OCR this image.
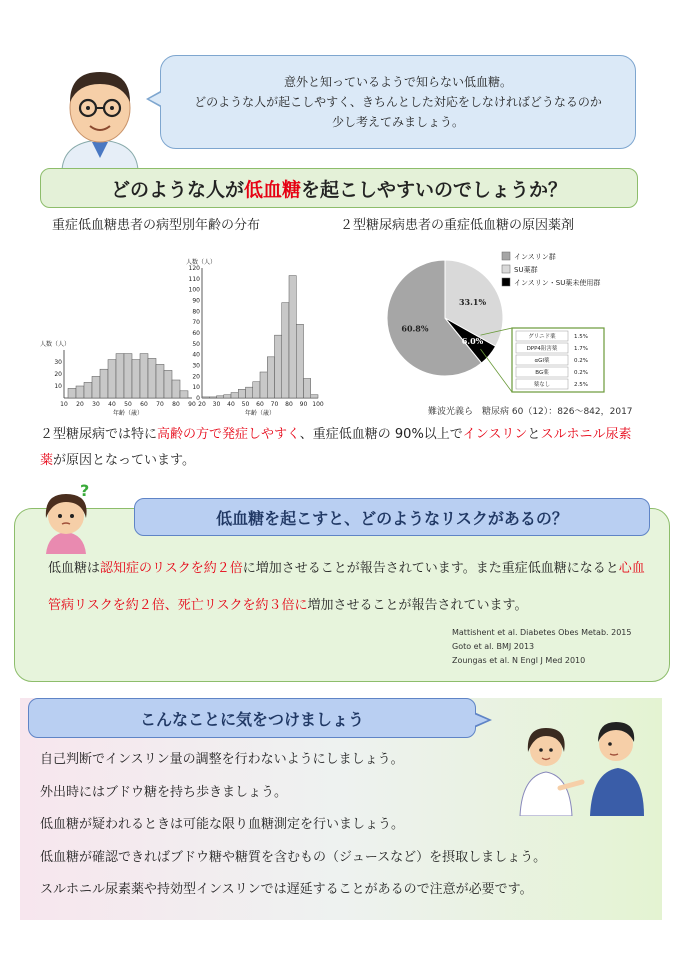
意外と知っているようで知らない低血糖。
どのような人が起こしやすく、きちんとした対応をしなければどうなるのか
少し考えてみましょう。
どのような人が 低血糖 を起こしやすいのでしょうか？
重症低血糖患者の病型別年齢の分布	２型糖尿病患者の重症低血糖の原因薬剤
10 20 30 40 50 60 70 80 90
10
20
30
年齢（歳）
人数（人）
20 30 40 50 60 70 80 90 100
0
10
20
30
40
50
60
70
80
90
100
110
120
年齢（歳）
人数（人）
60.8%
33.1%
6.0%
インスリン群
SU薬群
インスリン・SU薬未使用群
グリニド薬	1.5%
DPP4阻害薬	1.7%
αGI薬	0.2%
BG薬	0.2%
薬なし	2.5%
難波光義ら　糖尿病 60（12）：826〜842，2017
２型糖尿病では特に高齢の方で発症しやすく、重症低血糖の 90%以上でインスリンとスルホニル尿素薬が原因となっています。
低血糖を起こすと、どのようなリスクがあるの？
?
低血糖は認知症のリスクを約２倍に増加させることが報告されています。また重症低血糖になると心血管病リスクを約２倍、死亡リスクを約３倍に増加させることが報告されています。
Mattishent et al. Diabetes Obes Metab. 2015
Goto et al. BMJ 2013
Zoungas et al. N Engl J Med 2010
こんなことに気をつけましょう
自己判断でインスリン量の調整を行わないようにしましょう。
外出時にはブドウ糖を持ち歩きましょう。
低血糖が疑われるときは可能な限り血糖測定を行いましょう。
低血糖が確認できればブドウ糖や糖質を含むもの（ジュースなど）を摂取しましょう。
スルホニル尿素薬や持効型インスリンでは遅延することがあるので注意が必要です。
